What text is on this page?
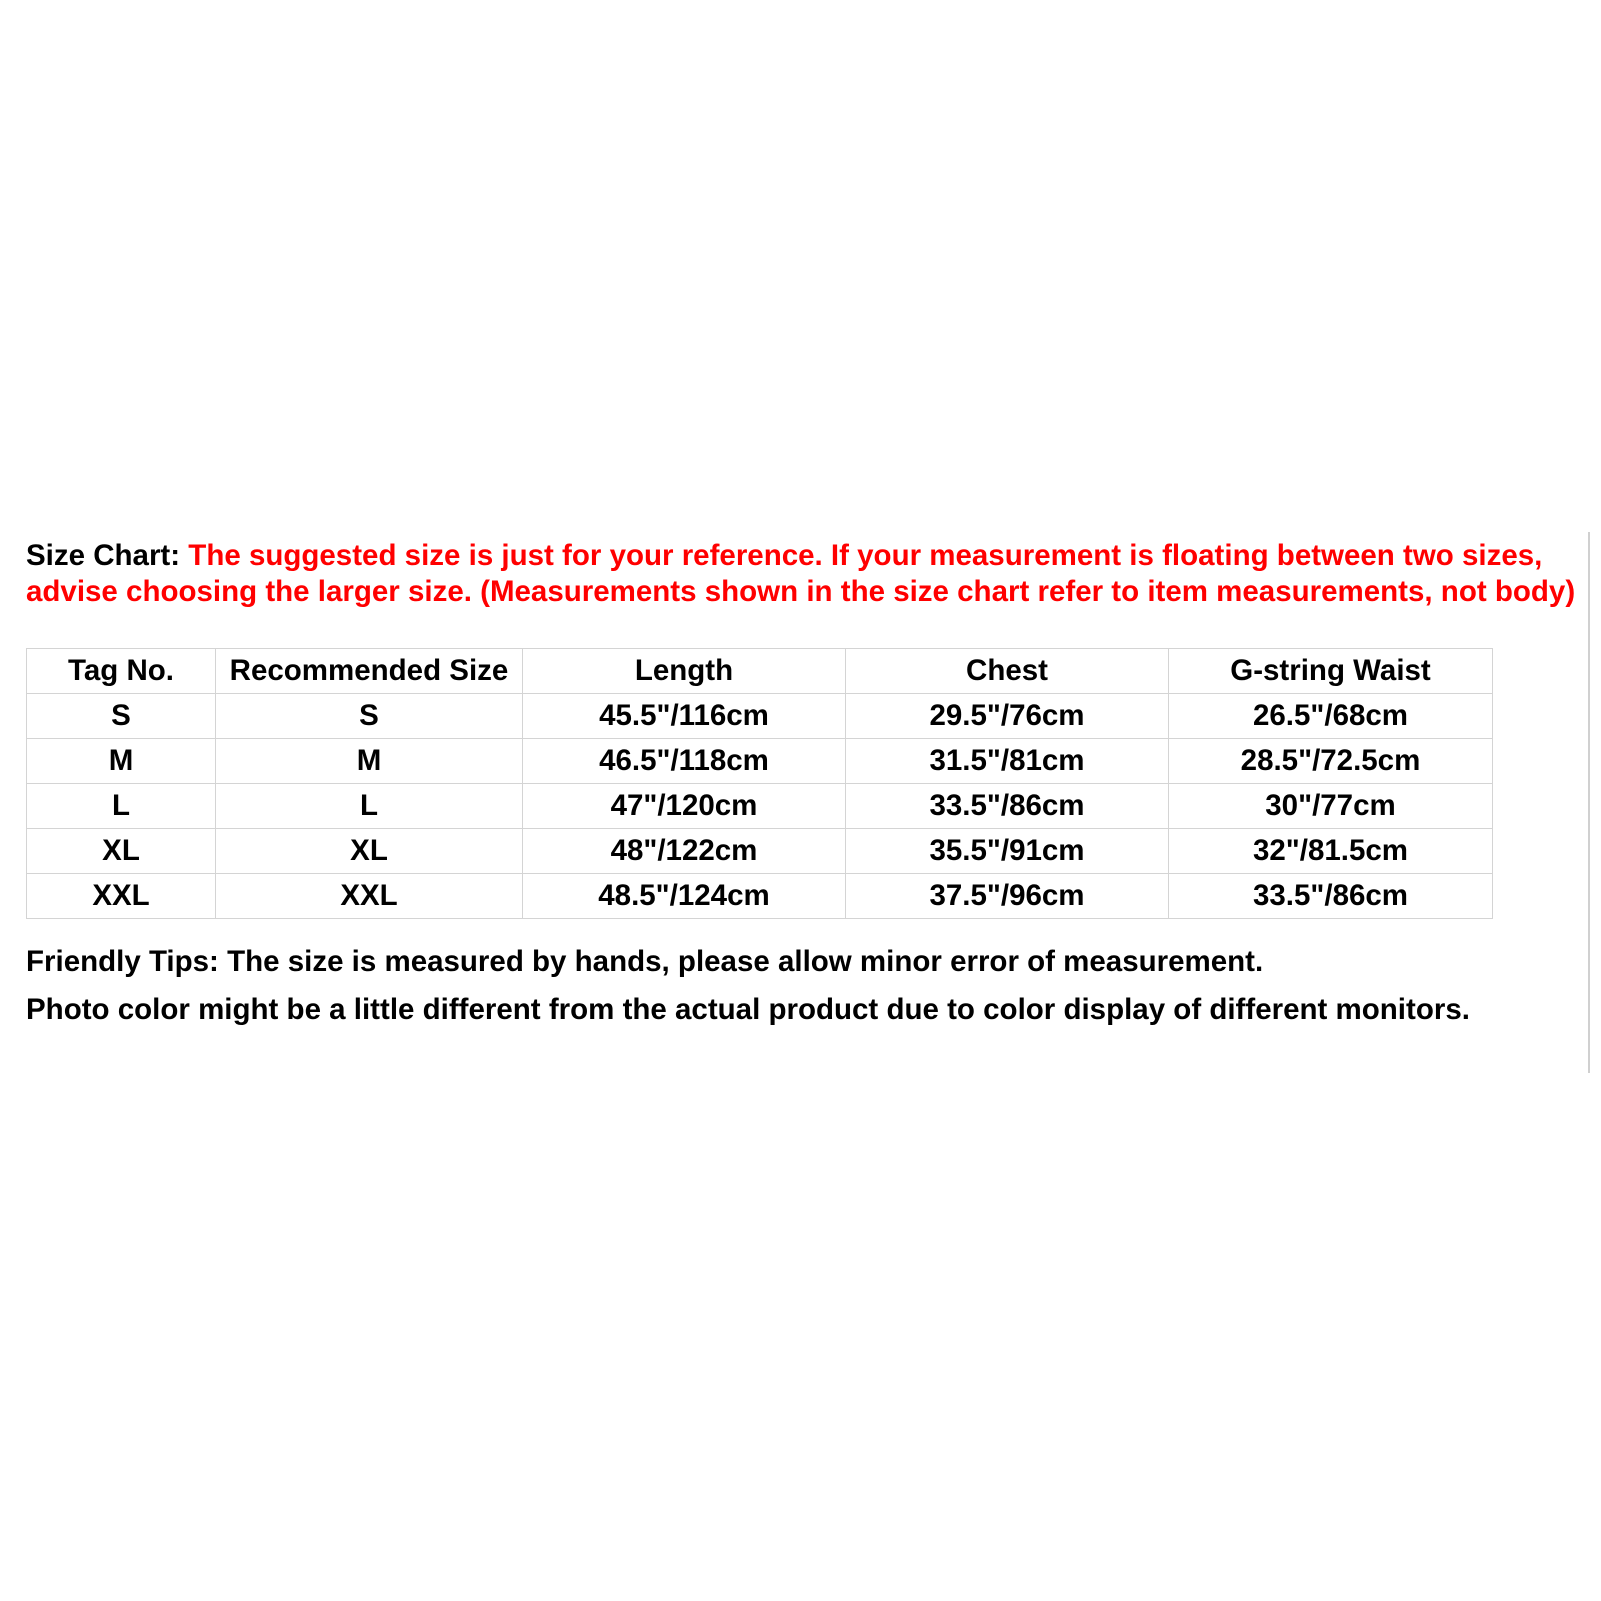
Size Chart: The suggested size is just for your reference. If your measurement is floating between two sizes, advise choosing the larger size. (Measurements shown in the size chart refer to item measurements, not body)

Tag No.	Recommended Size	Length	Chest	G-string Waist
S	S	45.5"/116cm	29.5"/76cm	26.5"/68cm
M	M	46.5"/118cm	31.5"/81cm	28.5"/72.5cm
L	L	47"/120cm	33.5"/86cm	30"/77cm
XL	XL	48"/122cm	35.5"/91cm	32"/81.5cm
XXL	XXL	48.5"/124cm	37.5"/96cm	33.5"/86cm

Friendly Tips: The size is measured by hands, please allow minor error of measurement.

Photo color might be a little different from the actual product due to color display of different monitors.
